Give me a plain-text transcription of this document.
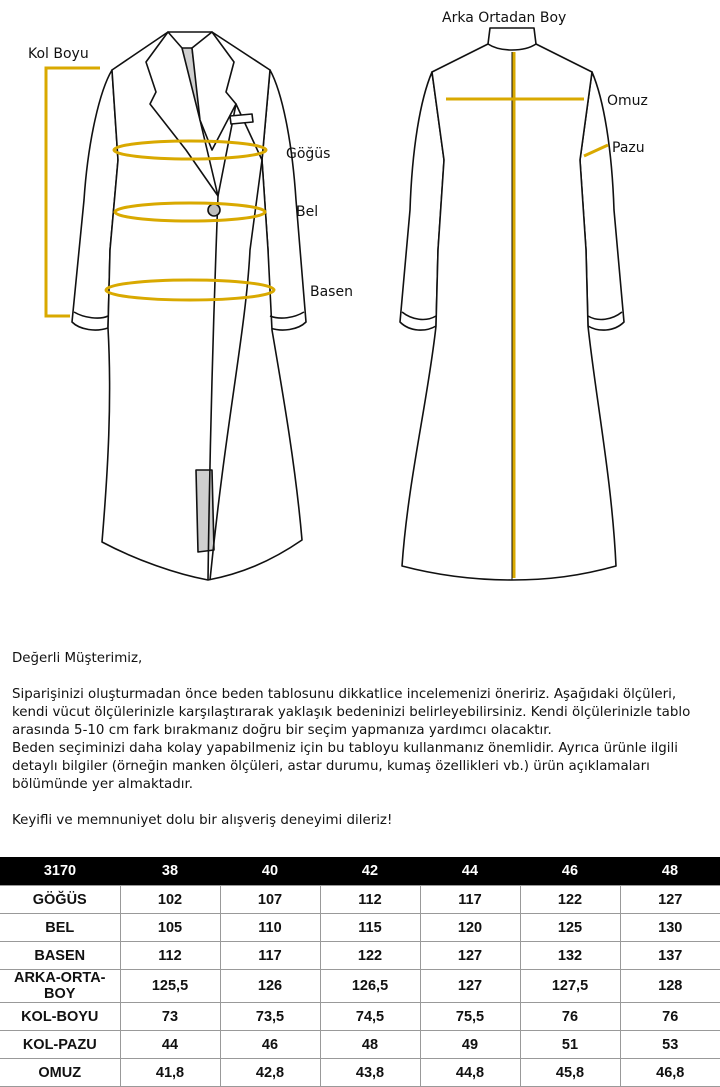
Kol Boyu
Göğüs
Bel
Basen
Arka Ortadan Boy
Omuz
Pazu

Değerli Müşterimiz,

Siparişinizi oluşturmadan önce beden tablosunu dikkatlice incelemenizi öneririz. Aşağıdaki ölçüleri, kendi vücut ölçülerinizle karşılaştırarak yaklaşık bedeninizi belirleyebilirsiniz. Kendi ölçülerinizle tablo arasında 5-10 cm fark bırakmanız doğru bir seçim yapmanıza yardımcı olacaktır.

Beden seçiminizi daha kolay yapabilmeniz için bu tabloyu kullanmanız önemlidir. Ayrıca ürünle ilgili detaylı bilgiler (örneğin manken ölçüleri, astar durumu, kumaş özellikleri vb.) ürün açıklamaları bölümünde yer almaktadır.

Keyifli ve memnuniyet dolu bir alışveriş deneyimi dileriz!

3170	38	40	42	44	46	48
GÖĞÜS	102	107	112	117	122	127
BEL	105	110	115	120	125	130
BASEN	112	117	122	127	132	137
ARKA-ORTA-BOY	125,5	126	126,5	127	127,5	128
KOL-BOYU	73	73,5	74,5	75,5	76	76
KOL-PAZU	44	46	48	49	51	53
OMUZ	41,8	42,8	43,8	44,8	45,8	46,8
